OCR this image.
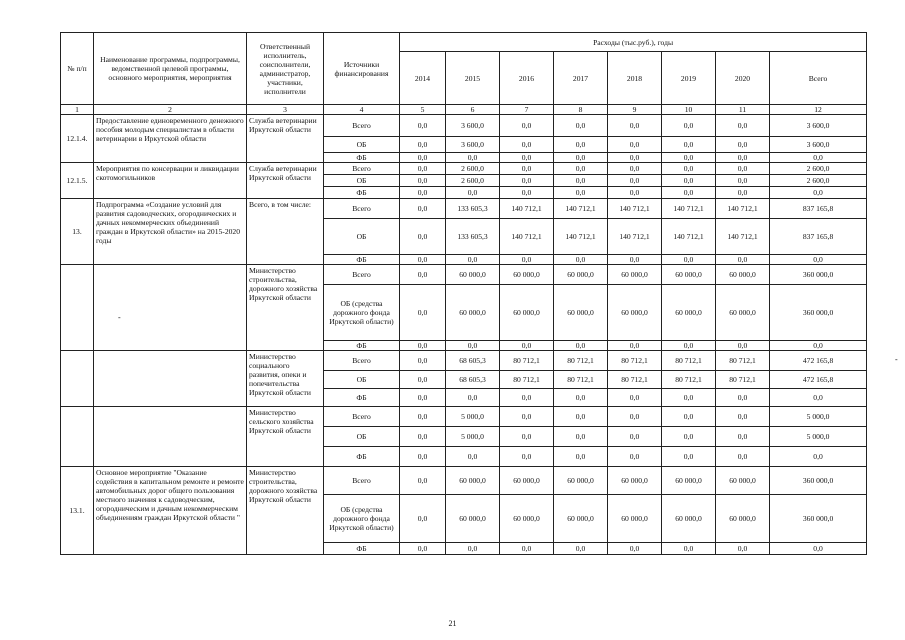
№ п/п	Наименование программы, подпрограммы, ведомственной целевой программы, основного мероприятия, мероприятия	Ответственный исполнитель, соисполнители, администратор, участники, исполнители	Источники финансирования	Расходы (тыс.руб.), годы							
				2014	2015	2016	2017	2018	2019	2020	Всего
1	2	3	4	5	6	7	8	9	10	11	12
12.1.4.	Предоставление единовременного денежного пособия молодым специалистам в области ветеринарии в Иркутской области	Служба ветеринарии Иркутской области	Всего	0,0	3 600,0	0,0	0,0	0,0	0,0	0,0	3 600,0
			ОБ	0,0	3 600,0	0,0	0,0	0,0	0,0	0,0	3 600,0
			ФБ	0,0	0,0	0,0	0,0	0,0	0,0	0,0	0,0
12.1.5.	Мероприятия по консервации и ликвидации скотомогильников	Служба ветеринарии Иркутской области	Всего	0,0	2 600,0	0,0	0,0	0,0	0,0	0,0	2 600,0
			ОБ	0,0	2 600,0	0,0	0,0	0,0	0,0	0,0	2 600,0
			ФБ	0,0	0,0	0,0	0,0	0,0	0,0	0,0	0,0
13.	Подпрограмма «Создание условий для развития садоводческих, огороднических и дачных некоммерческих объединений граждан в Иркутской области» на 2015-2020 годы	Всего, в том числе:	Всего	0,0	133 605,3	140 712,1	140 712,1	140 712,1	140 712,1	140 712,1	837 165,8
			ОБ	0,0	133 605,3	140 712,1	140 712,1	140 712,1	140 712,1	140 712,1	837 165,8
			ФБ	0,0	0,0	0,0	0,0	0,0	0,0	0,0	0,0
		Министерство строительства, дорожного хозяйства Иркутской области	Всего	0,0	60 000,0	60 000,0	60 000,0	60 000,0	60 000,0	60 000,0	360 000,0
			ОБ (средства дорожного фонда Иркутской области)	0,0	60 000,0	60 000,0	60 000,0	60 000,0	60 000,0	60 000,0	360 000,0
			ФБ	0,0	0,0	0,0	0,0	0,0	0,0	0,0	0,0
		Министерство социального развития, опеки и попечительства Иркутской области	Всего	0,0	68 605,3	80 712,1	80 712,1	80 712,1	80 712,1	80 712,1	472 165,8
			ОБ	0,0	68 605,3	80 712,1	80 712,1	80 712,1	80 712,1	80 712,1	472 165,8
			ФБ	0,0	0,0	0,0	0,0	0,0	0,0	0,0	0,0
		Министерство сельского хозяйства Иркутской области	Всего	0,0	5 000,0	0,0	0,0	0,0	0,0	0,0	5 000,0
			ОБ	0,0	5 000,0	0,0	0,0	0,0	0,0	0,0	5 000,0
			ФБ	0,0	0,0	0,0	0,0	0,0	0,0	0,0	0,0
13.1.	Основное мероприятие "Оказание содействия в капитальном ремонте и ремонте автомобильных дорог общего пользования местного значения к садоводческим, огородническим и дачным некоммерческим объединениям граждан Иркутской области "	Министерство строительства, дорожного хозяйства Иркутской области	Всего	0,0	60 000,0	60 000,0	60 000,0	60 000,0	60 000,0	60 000,0	360 000,0
			ОБ (средства дорожного фонда Иркутской области)	0,0	60 000,0	60 000,0	60 000,0	60 000,0	60 000,0	60 000,0	360 000,0
			ФБ	0,0	0,0	0,0	0,0	0,0	0,0	0,0	0,0
-
21
-
